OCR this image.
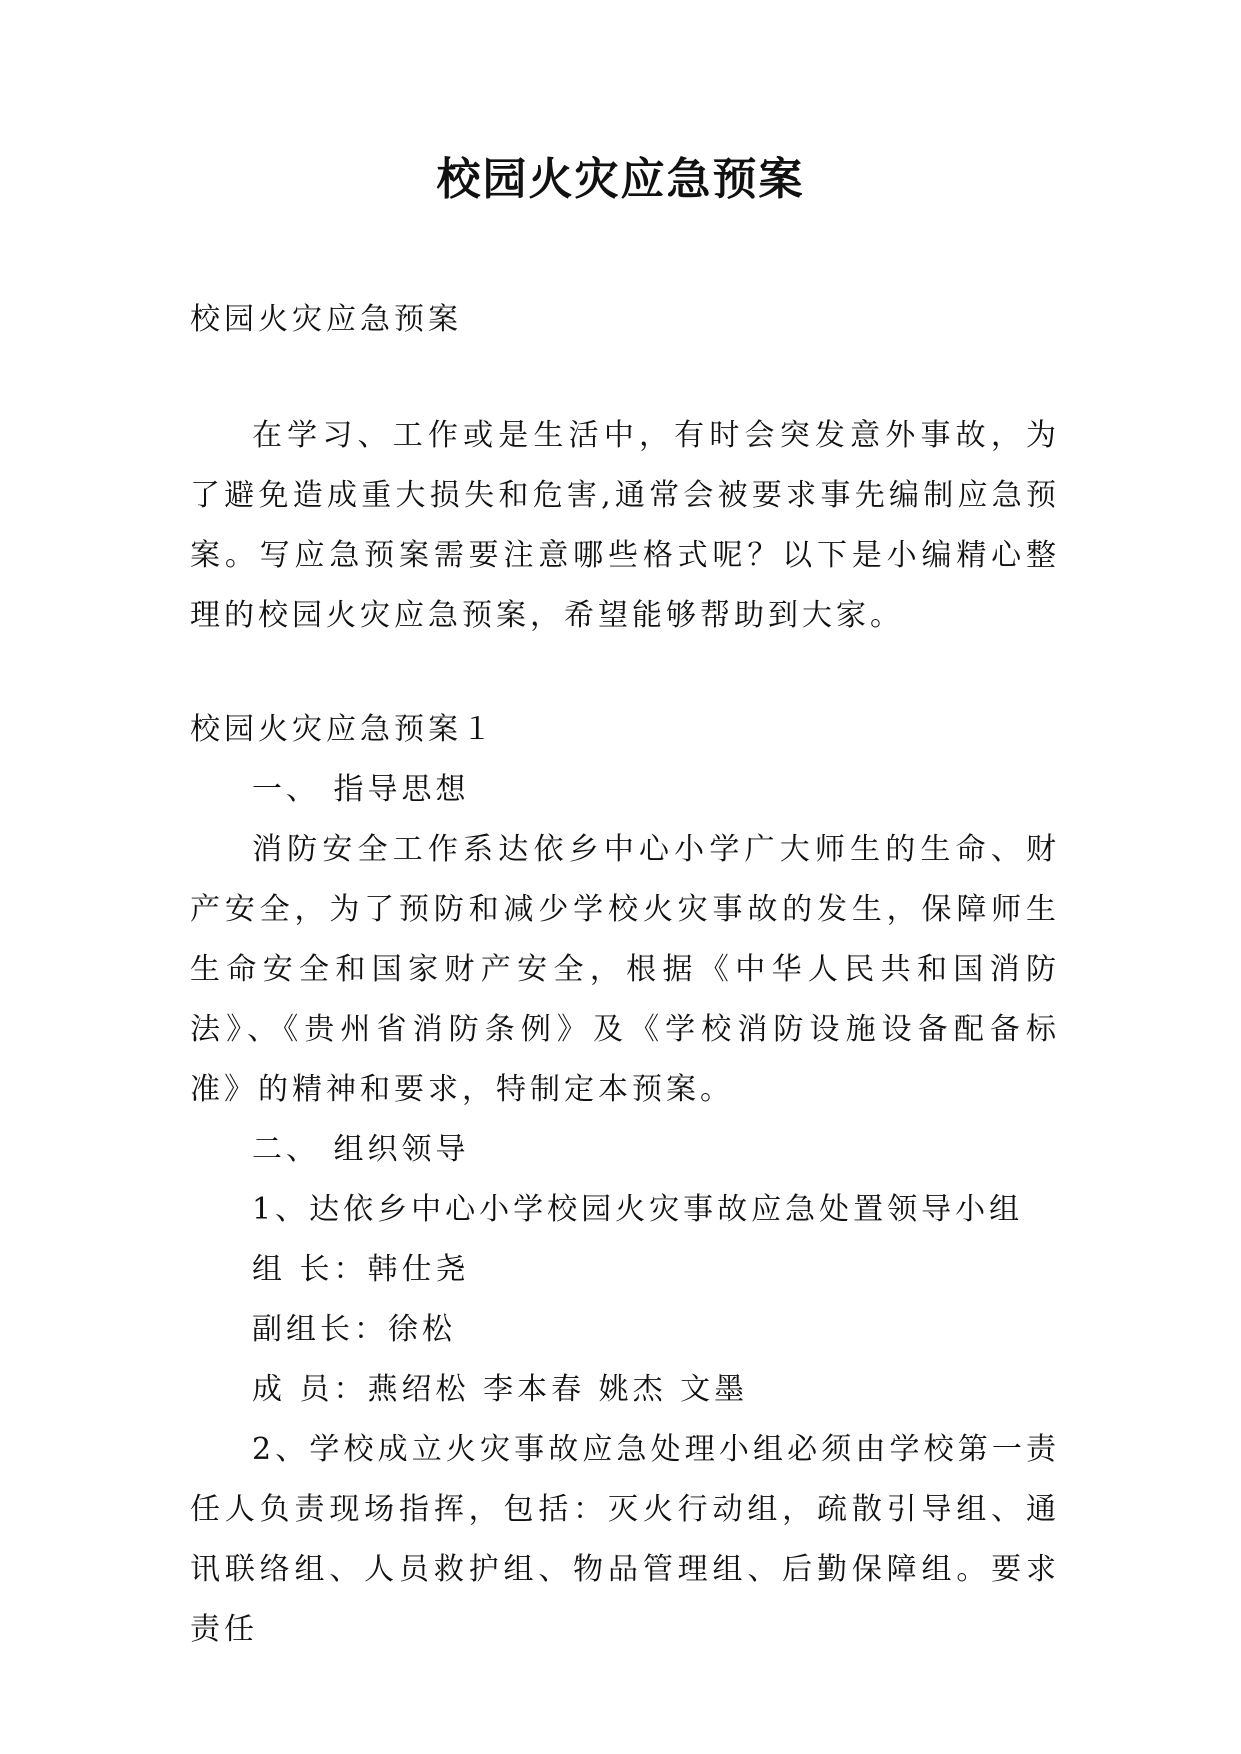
校园火灾应急预案

校园火灾应急预案

在学习、工作或是生活中，有时会突发意外事故，为了避免造成重大损失和危害,通常会被要求事先编制应急预案。写应急预案需要注意哪些格式呢？以下是小编精心整理的校园火灾应急预案，希望能够帮助到大家。

校园火灾应急预案１

一、 指导思想

消防安全工作系达依乡中心小学广大师生的生命、财产安全，为了预防和减少学校火灾事故的发生，保障师生生命安全和国家财产安全，根据《中华人民共和国消防法》、《贵州省消防条例》及《学校消防设施设备配备标准》的精神和要求，特制定本预案。

二、 组织领导

1、达依乡中心小学校园火灾事故应急处置领导小组

组 长：韩仕尧

副组长：徐松

成 员：燕绍松 李本春 姚杰 文墨

2、学校成立火灾事故应急处理小组必须由学校第一责任人负责现场指挥，包括：灭火行动组，疏散引导组、通讯联络组、人员救护组、物品管理组、后勤保障组。要求责任
